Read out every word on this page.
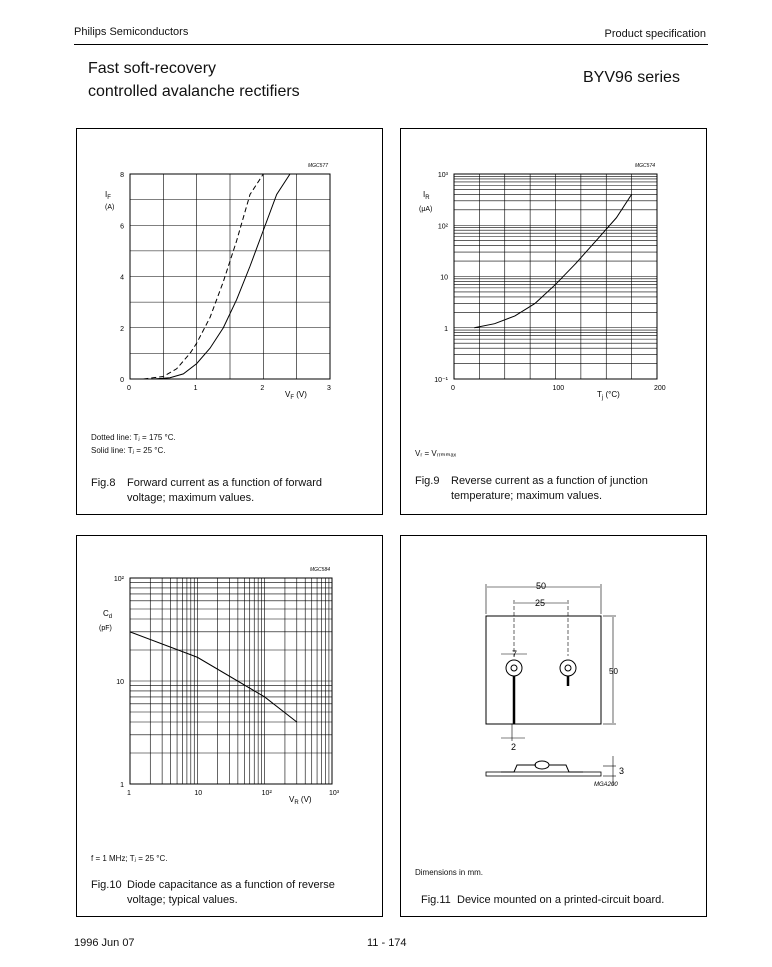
Philips Semiconductors	Product specification
Fast soft-recovery
controlled avalanche rectifiers
BYV96 series
MGC577
0	1	2	3
0
2
4
6
8
$I_F$
(A)
$V_F$ (V)
Dotted line: Tⱼ = 175 °C.
Solid line: Tⱼ = 25 °C.
Fig.8 Forward current as a function of forward
voltage; maximum values.
MGC574
0	100	200
10⁻¹
1
10
10²
10³
$I_R$
(μA)
$T_j$ (°C)
Vᵣ = Vᵣᵣₘₘₐₓ
Fig.9 Reverse current as a function of junction
temperature; maximum values.
MGC584
1	10	10²	10³
1
10
10²
$C_d$
(pF)
$V_R$ (V)
f = 1 MHz; Tⱼ = 25 °C.
Fig.10 Diode capacitance as a function of reverse
voltage; typical values.
MGA200
50
25
7
50
2
3
Dimensions in mm.
Fig.11 Device mounted on a printed-circuit board.
1996 Jun 07	11 - 174
